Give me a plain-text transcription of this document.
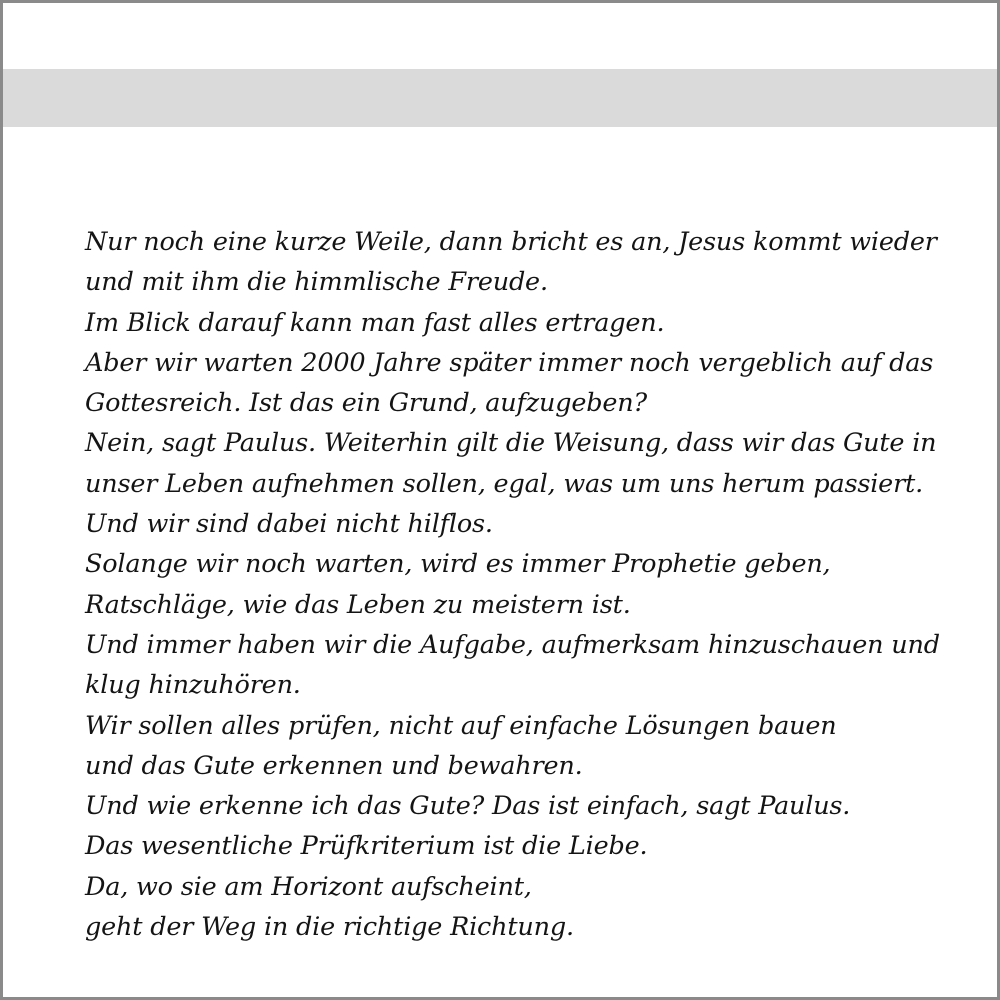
Nur noch eine kurze Weile, dann bricht es an, Jesus kommt wieder
und mit ihm die himmlische Freude.
Im Blick darauf kann man fast alles ertragen.
Aber wir warten 2000 Jahre später immer noch vergeblich auf das
Gottesreich. Ist das ein Grund, aufzugeben?
Nein, sagt Paulus. Weiterhin gilt die Weisung, dass wir das Gute in
unser Leben aufnehmen sollen, egal, was um uns herum passiert.
Und wir sind dabei nicht hilflos.
Solange wir noch warten, wird es immer Prophetie geben,
Ratschläge, wie das Leben zu meistern ist.
Und immer haben wir die Aufgabe, aufmerksam hinzuschauen und
klug hinzuhören.
Wir sollen alles prüfen, nicht auf einfache Lösungen bauen
und das Gute erkennen und bewahren.
Und wie erkenne ich das Gute? Das ist einfach, sagt Paulus.
Das wesentliche Prüfkriterium ist die Liebe.
Da, wo sie am Horizont aufscheint,
geht der Weg in die richtige Richtung.
